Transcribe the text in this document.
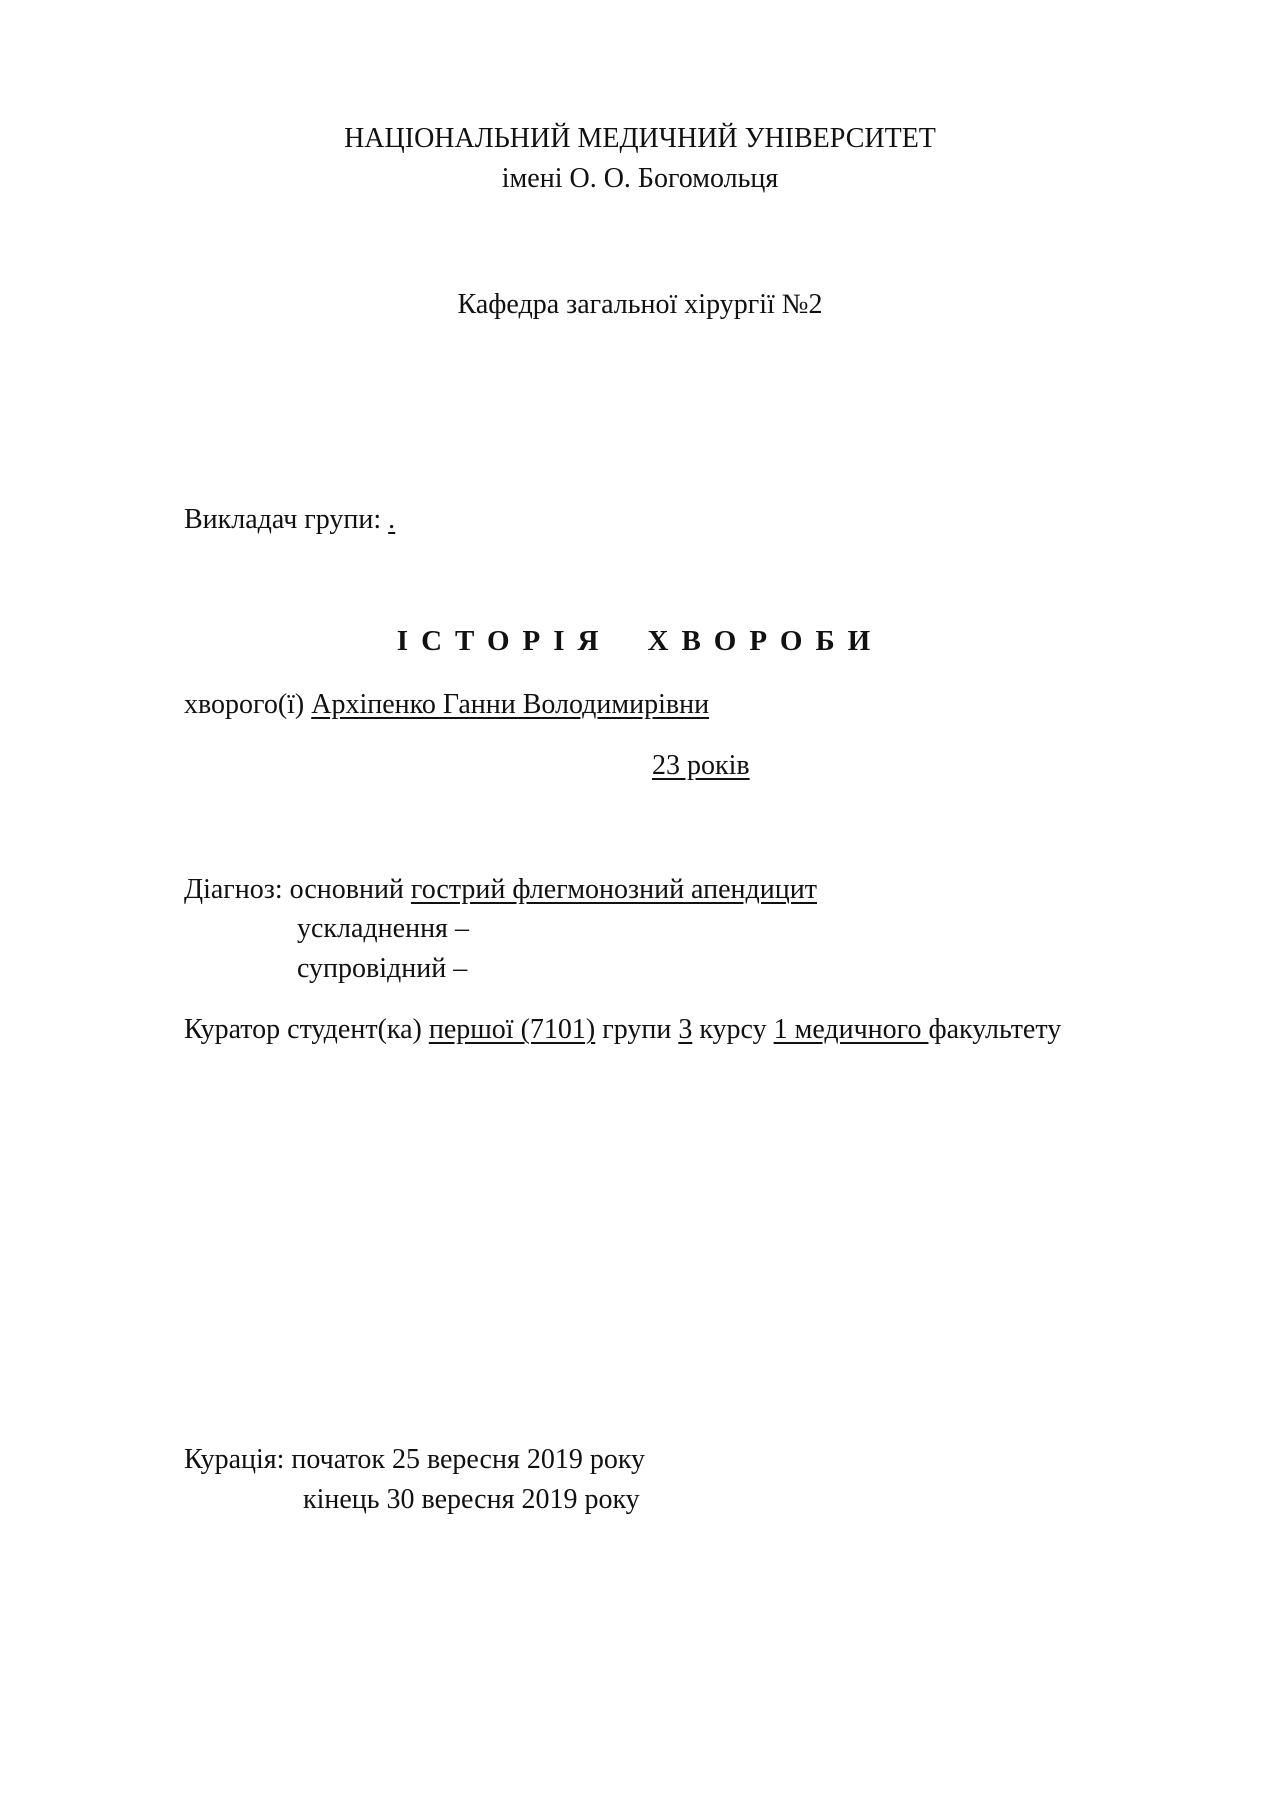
НАЦІОНАЛЬНИЙ МЕДИЧНИЙ УНІВЕРСИТЕТ
імені О. О. Богомольця
Кафедра загальної хірургії №2
Викладач групи: .
ІСТОРІЯ ХВОРОБИ
хворого(ї) Архіпенко Ганни Володимирівни
23 років
Діагноз: основний гострий флегмонозний апендицит
ускладнення –
супровідний –
Куратор студент(ка) першої (7101) групи 3 курсу 1 медичного факультету
Курація: початок 25 вересня 2019 року
кінець 30 вересня 2019 року
